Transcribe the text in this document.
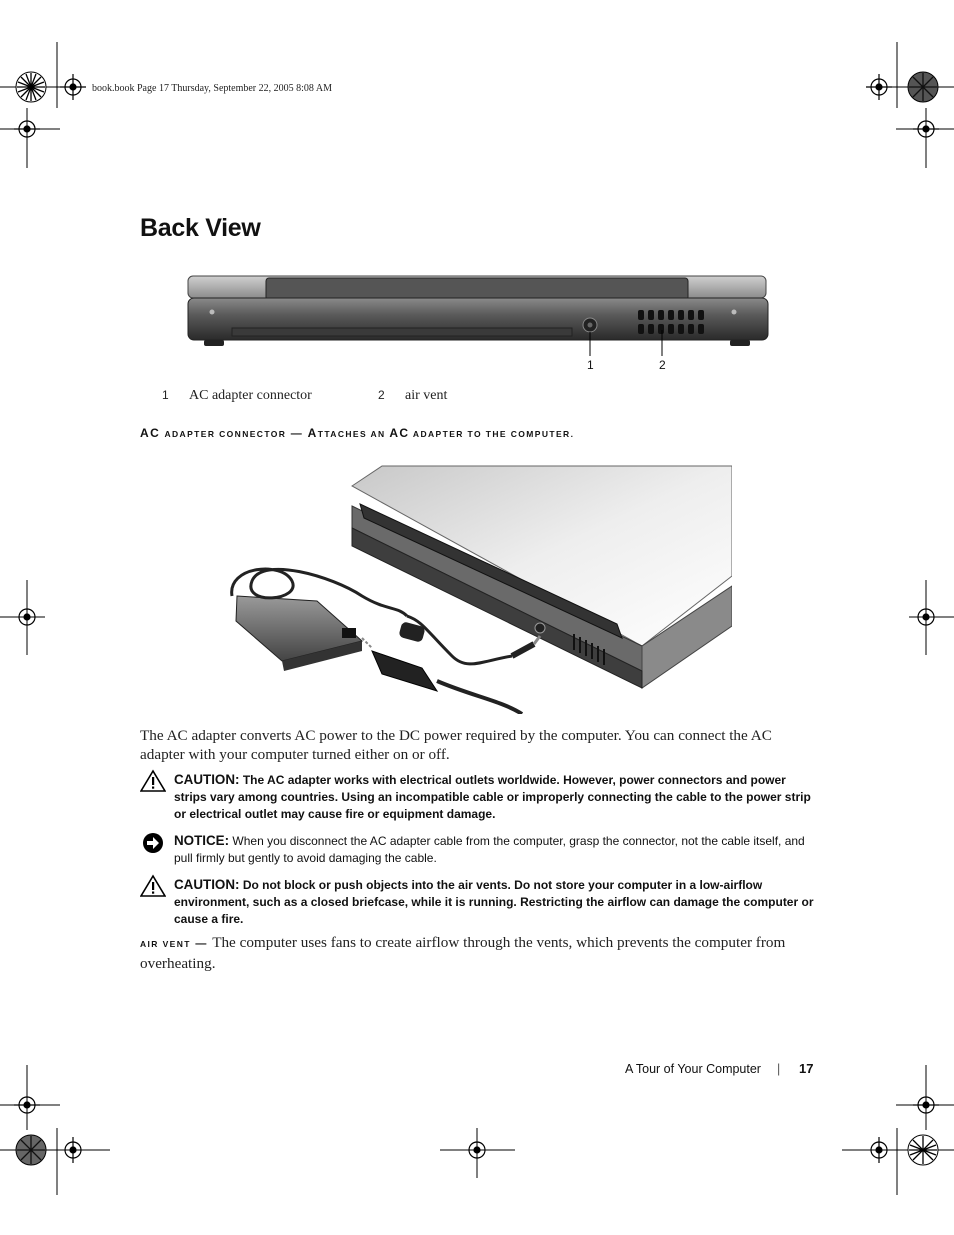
book.book Page 17 Thursday, September 22, 2005 8:08 AM
Back View
1	2
1 AC adapter connector	2 air vent
AC ADAPTER CONNECTOR — ATTACHES AN AC ADAPTER TO THE COMPUTER.
The AC adapter converts AC power to the DC power required by the computer. You can connect the AC adapter with your computer turned either on or off.
CAUTION: The AC adapter works with electrical outlets worldwide. However, power connectors and power strips vary among countries. Using an incompatible cable or improperly connecting the cable to the power strip or electrical outlet may cause fire or equipment damage.
NOTICE: When you disconnect the AC adapter cable from the computer, grasp the connector, not the cable itself, and pull firmly but gently to avoid damaging the cable.
CAUTION: Do not block or push objects into the air vents. Do not store your computer in a low-airflow environment, such as a closed briefcase, while it is running. Restricting the airflow can damage the computer or cause a fire.
AIR VENT — The computer uses fans to create airflow through the vents, which prevents the computer from overheating.
A Tour of Your Computer | 17
